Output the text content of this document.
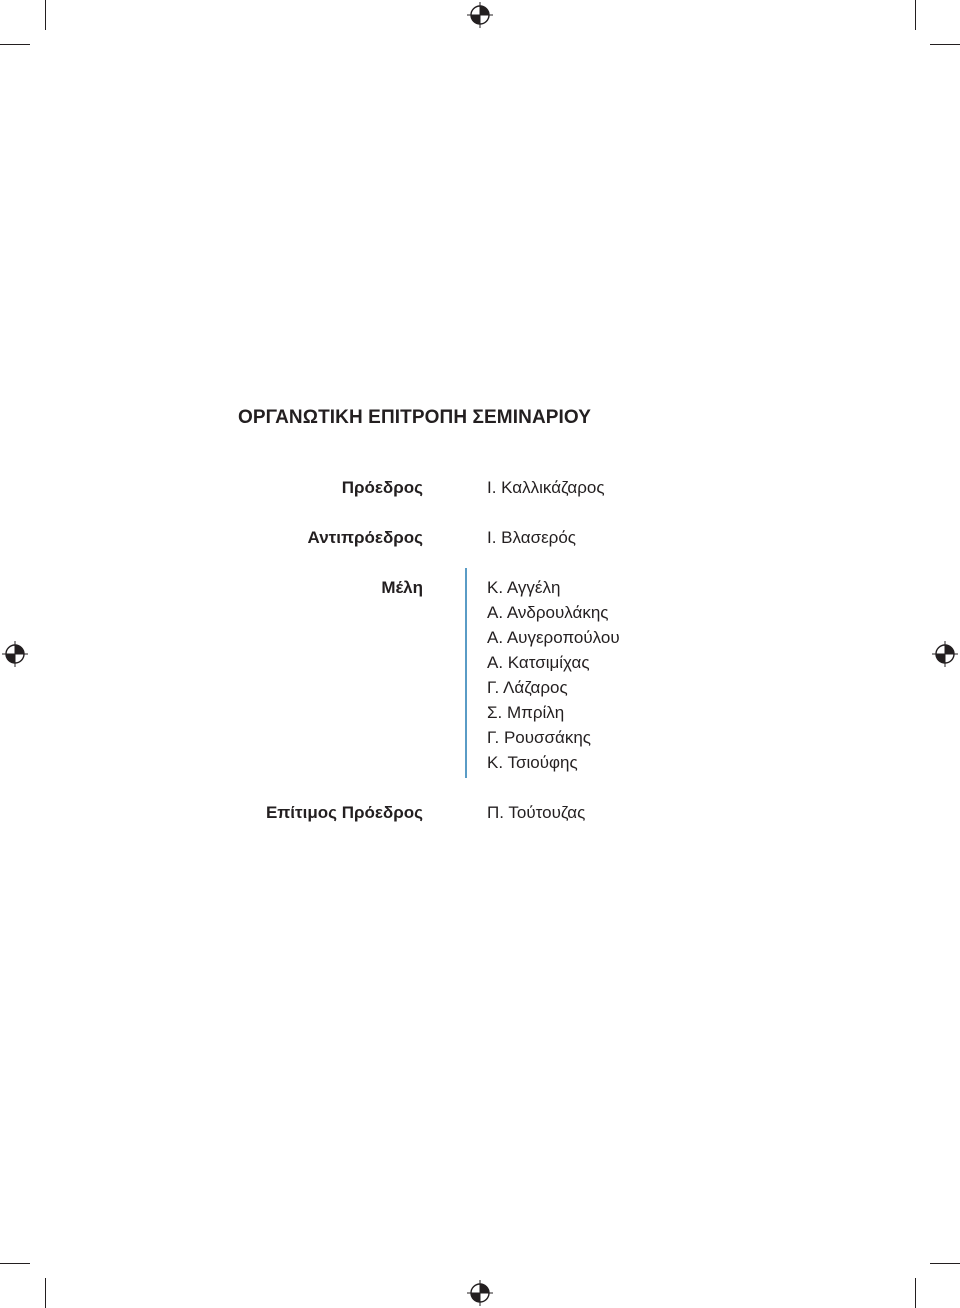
ΟΡΓΑΝΩΤΙΚΗ ΕΠΙΤΡΟΠΗ ΣΕΜΙΝΑΡΙΟΥ
Πρόεδρος	Ι. Καλλικάζαρος
Αντιπρόεδρος	Ι. Βλασερός
Μέλη	Κ. Αγγέλη
Α. Ανδρουλάκης
Α. Αυγεροπούλου
Α. Κατσιμίχας
Γ. Λάζαρος
Σ. Μπρίλη
Γ. Ρουσσάκης
Κ. Τσιούφης
Επίτιμος Πρόεδρος	Π. Τούτουζας
